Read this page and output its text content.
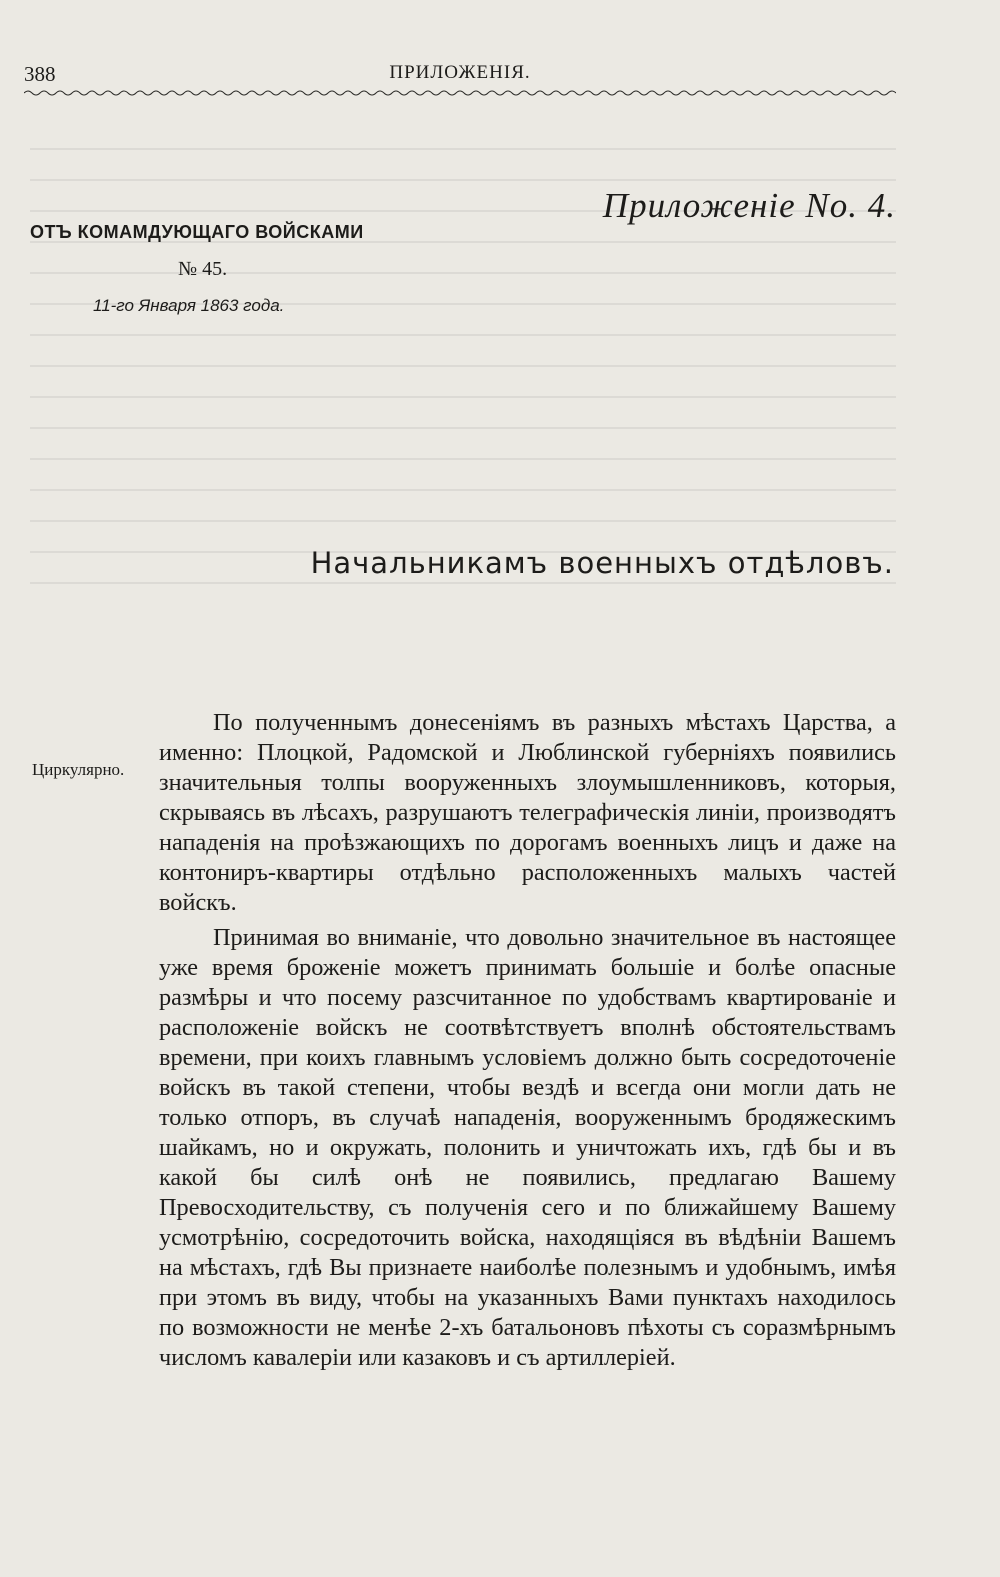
388	ПРИЛОЖЕНІЯ.
Приложеніе No. 4.
ОТЪ КОМАМДУЮЩАГО ВОЙСКАМИ
№ 45.
11-го Января 1863 года.
Начальникамъ военныхъ отдѣловъ.
Циркулярно.

По полученнымъ донесеніямъ въ разныхъ мѣстахъ Царства, а именно: Плоцкой, Радомской и Люблинской губерніяхъ появились значительныя толпы вооруженныхъ злоумышленниковъ, которыя, скрываясь въ лѣсахъ, разрушаютъ телеграфическія линіи, производятъ нападенія на проѣзжающихъ по дорогамъ военныхъ лицъ и даже на контониръ-квартиры отдѣльно расположенныхъ малыхъ частей войскъ.

Принимая во вниманіе, что довольно значительное въ настоящее уже время броженіе можетъ принимать большіе и болѣе опасные размѣры и что посему разсчитанное по удобствамъ квартированіе и расположеніе войскъ не соотвѣтствуетъ вполнѣ обстоятельствамъ времени, при коихъ главнымъ условіемъ должно быть сосредоточеніе войскъ въ такой степени, чтобы вездѣ и всегда они могли дать не только отпоръ, въ случаѣ нападенія, вооруженнымъ бродяжескимъ шайкамъ, но и окружать, полонить и уничтожать ихъ, гдѣ бы и въ какой бы силѣ онѣ не появились, предлагаю Вашему Превосходительству, съ полученія сего и по ближайшему Вашему усмотрѣнію, сосредоточить войска, находящіяся въ вѣдѣніи Вашемъ на мѣстахъ, гдѣ Вы признаете наиболѣе полезнымъ и удобнымъ, имѣя при этомъ въ виду, чтобы на указанныхъ Вами пунктахъ находилось по возможности не менѣе 2-хъ батальоновъ пѣхоты съ соразмѣрнымъ числомъ кавалеріи или казаковъ и съ артиллеріей.
